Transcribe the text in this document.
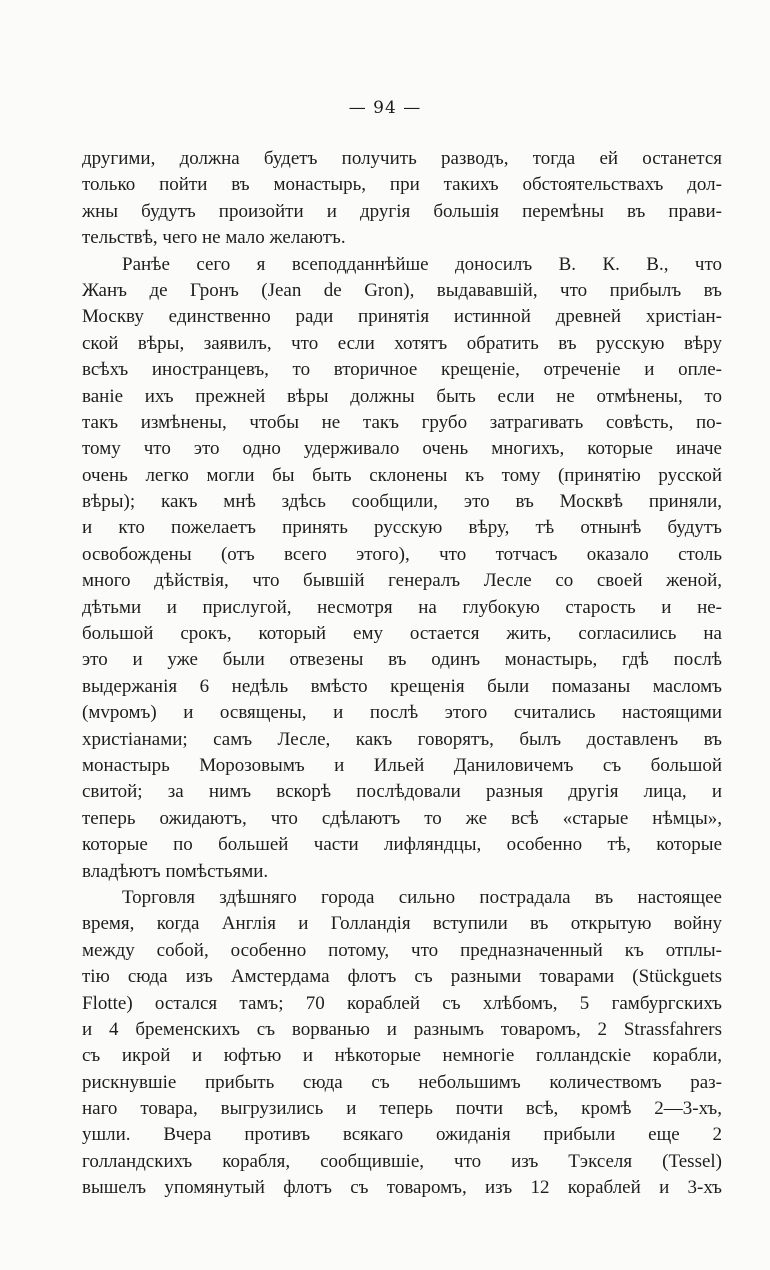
— 94 —
другими, должна будетъ получить разводъ, тогда ей останется
только пойти въ монастырь, при такихъ обстоятельствахъ дол-
жны будутъ произойти и другія большія перемѣны въ прави-
тельствѣ, чего не мало желаютъ.
Ранѣе сего я всеподданнѣйше доносилъ В. К. В., что
Жанъ де Гронъ (Jean de Gron), выдававшій, что прибылъ въ
Москву единственно ради принятія истинной древней христіан-
ской вѣры, заявилъ, что если хотятъ обратить въ русскую вѣру
всѣхъ иностранцевъ, то вторичное крещеніе, отреченіе и опле-
ваніе ихъ прежней вѣры должны быть если не отмѣнены, то
такъ измѣнены, чтобы не такъ грубо затрагивать совѣсть, по-
тому что это одно удерживало очень многихъ, которые иначе
очень легко могли бы быть склонены къ тому (принятію русской
вѣры); какъ мнѣ здѣсь сообщили, это въ Москвѣ приняли,
и кто пожелаетъ принять русскую вѣру, тѣ отнынѣ будутъ
освобождены (отъ всего этого), что тотчасъ оказало столь
много дѣйствія, что бывшій генералъ Лесле со своей женой,
дѣтьми и прислугой, несмотря на глубокую старость и не-
большой срокъ, который ему остается жить, согласились на
это и уже были отвезены въ одинъ монастырь, гдѣ послѣ
выдержанія 6 недѣль вмѣсто крещенія были помазаны масломъ
(мvромъ) и освящены, и послѣ этого считались настоящими
христіанами; самъ Лесле, какъ говорятъ, былъ доставленъ въ
монастырь Морозовымъ и Ильей Даниловичемъ съ большой
свитой; за нимъ вскорѣ послѣдовали разныя другія лица, и
теперь ожидаютъ, что сдѣлаютъ то же всѣ «старые нѣмцы»,
которые по большей части лифляндцы, особенно тѣ, которые
владѣютъ помѣстьями.
Торговля здѣшняго города сильно пострадала въ настоящее
время, когда Англія и Голландія вступили въ открытую войну
между собой, особенно потому, что предназначенный къ отплы-
тію сюда изъ Амстердама флотъ съ разными товарами (Stückguets
Flotte) остался тамъ; 70 кораблей съ хлѣбомъ, 5 гамбургскихъ
и 4 бременскихъ съ ворванью и разнымъ товаромъ, 2 Strassfahrers
съ икрой и юфтью и нѣкоторые немногіе голландскіе корабли,
рискнувшіе прибыть сюда съ небольшимъ количествомъ раз-
наго товара, выгрузились и теперь почти всѣ, кромѣ 2—3-хъ,
ушли. Вчера противъ всякаго ожиданія прибыли еще 2
голландскихъ корабля, сообщившіе, что изъ Тэкселя (Tessel)
вышелъ упомянутый флотъ съ товаромъ, изъ 12 кораблей и 3-хъ
